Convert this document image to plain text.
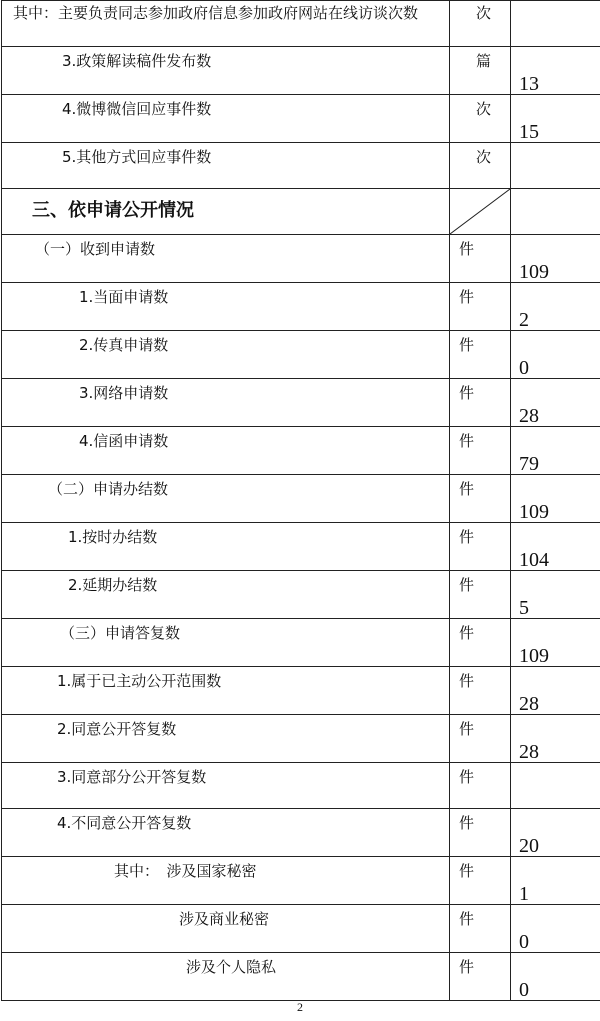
其中：主要负责同志参加政府信息参加政府网站在线访谈次数	次	

3.政策解读稿件发布数	篇	13

4.微博微信回应事件数	次	15

5.其他方式回应事件数	次	

三、依申请公开情况

（一）收到申请数	件	109

1.当面申请数	件	2

2.传真申请数	件	0

3.网络申请数	件	28

4.信函申请数	件	79

（二）申请办结数	件	109

1.按时办结数	件	104

2.延期办结数	件	5

（三）申请答复数	件	109

1.属于已主动公开范围数	件	28

2.同意公开答复数	件	28

3.同意部分公开答复数	件	

4.不同意公开答复数	件	20

其中：　涉及国家秘密	件	1

涉及商业秘密	件	0

涉及个人隐私	件	0
2
